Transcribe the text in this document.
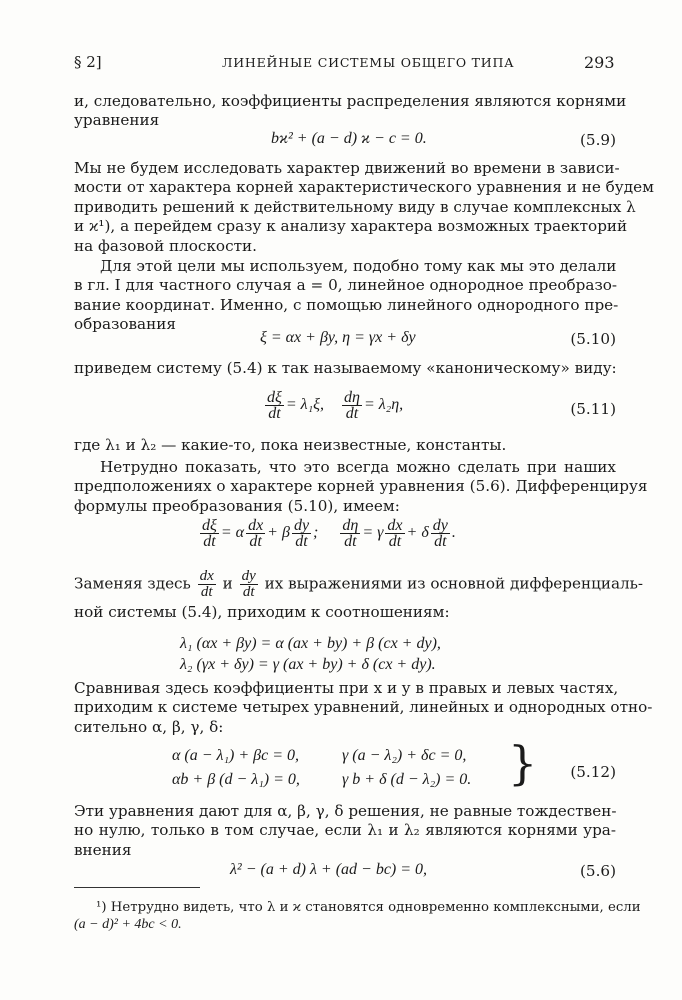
§ 2]	ЛИНЕЙНЫЕ СИСТЕМЫ ОБЩЕГО ТИПА	293
и, следовательно, коэффициенты распределения являются корнями
уравнения
bϰ² + (a − d) ϰ − c = 0.	(5.9)
Мы не будем исследовать характер движений во времени в зависи-
мости от характера корней характеристического уравнения и не будем
приводить решений к действительному виду в случае комплексных λ
и ϰ¹), а перейдем сразу к анализу характера возможных траекторий
на фазовой плоскости.
Для этой цели мы используем, подобно тому как мы это делали
в гл. I для частного случая a = 0, линейное однородное преобразо-
вание координат. Именно, с помощью линейного однородного пре-
образования
ξ = αx + βy, η = γx + δy	(5.10)
приведем систему (5.4) к так называемому «каноническому» виду:
$\frac{d\xi}{dt} = \lambda_1\xi$, $\frac{d\eta}{dt} = \lambda_2\eta$,	(5.11)
где λ₁ и λ₂ — какие-то, пока неизвестные, константы.
Нетрудно показать, что это всегда можно сделать при наших
предположениях о характере корней уравнения (5.6). Дифференцируя
формулы преобразования (5.10), имеем:
$\frac{d\xi}{dt} = \alpha \frac{dx}{dt} + \beta \frac{dy}{dt}$ ; $\frac{d\eta}{dt} = \gamma \frac{dx}{dt} + \delta \frac{dy}{dt}$ .
Заменяя здесь $\frac{dx}{dt}$ и $\frac{dy}{dt}$ их выражениями из основной дифференциаль-
ной системы (5.4), приходим к соотношениям:
λ₁ (αx + βy) = α (ax + by) + β (cx + dy),
λ₂ (γx + δy) = γ (ax + by) + δ (cx + dy).
Сравнивая здесь коэффициенты при x и y в правых и левых частях,
приходим к системе четырех уравнений, линейных и однородных отно-
сительно α, β, γ, δ:
α (a − λ₁) + βc = 0,	γ (a − λ₂) + δc = 0,
αb + β (d − λ₁) = 0,	γ b + δ (d − λ₂) = 0. } (5.12)
Эти уравнения дают для α, β, γ, δ решения, не равные тождествен-
но нулю, только в том случае, если λ₁ и λ₂ являются корнями ура-
внения
λ² − (a + d) λ + (ad − bc) = 0,	(5.6)
¹) Нетрудно видеть, что λ и ϰ становятся одновременно комплексными, если
(a − d)² + 4bc < 0.
